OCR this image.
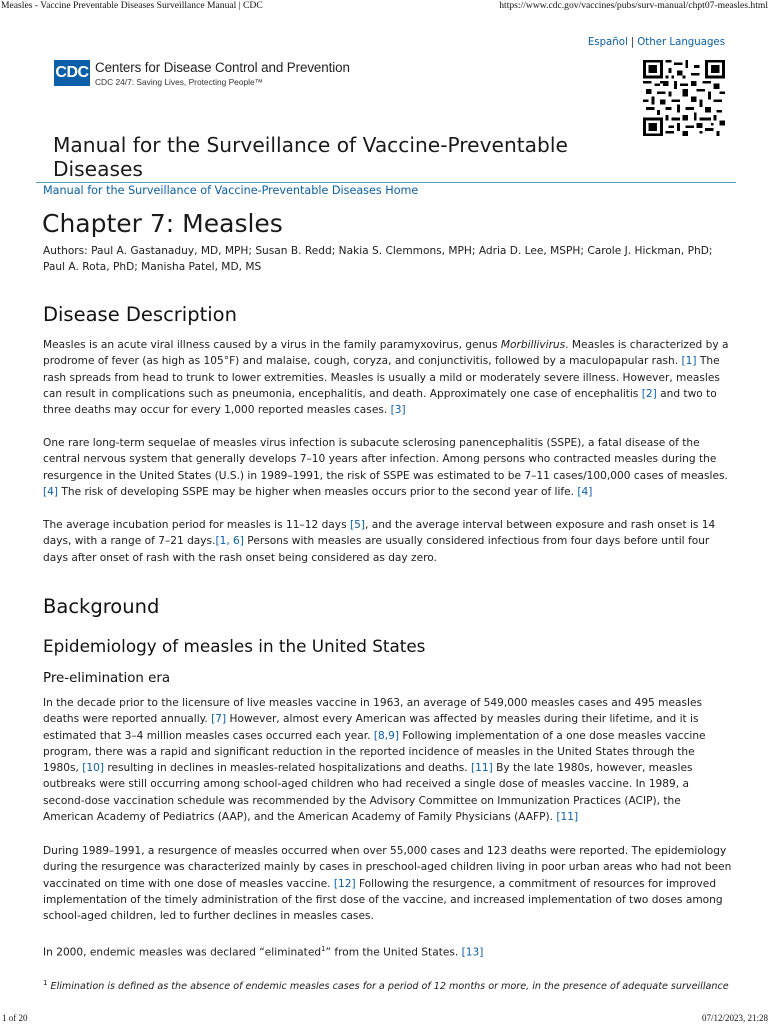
Measles - Vaccine Preventable Diseases Surveillance Manual | CDC	https://www.cdc.gov/vaccines/pubs/surv-manual/chpt07-measles.html
Español | Other Languages
CDC Centers for Disease Control and Prevention
CDC 24/7: Saving Lives, Protecting People™
Manual for the Surveillance of Vaccine-Preventable Diseases
Manual for the Surveillance of Vaccine-Preventable Diseases Home
Chapter 7: Measles
Authors: Paul A. Gastanaduy, MD, MPH; Susan B. Redd; Nakia S. Clemmons, MPH; Adria D. Lee, MSPH; Carole J. Hickman, PhD; Paul A. Rota, PhD; Manisha Patel, MD, MS
Disease Description

Measles is an acute viral illness caused by a virus in the family paramyxovirus, genus Morbillivirus. Measles is characterized by a prodrome of fever (as high as 105°F) and malaise, cough, coryza, and conjunctivitis, followed by a maculopapular rash. [1] The rash spreads from head to trunk to lower extremities. Measles is usually a mild or moderately severe illness. However, measles can result in complications such as pneumonia, encephalitis, and death. Approximately one case of encephalitis [2] and two to three deaths may occur for every 1,000 reported measles cases. [3]

One rare long-term sequelae of measles virus infection is subacute sclerosing panencephalitis (SSPE), a fatal disease of the central nervous system that generally develops 7–10 years after infection. Among persons who contracted measles during the resurgence in the United States (U.S.) in 1989–1991, the risk of SSPE was estimated to be 7–11 cases/100,000 cases of measles. [4] The risk of developing SSPE may be higher when measles occurs prior to the second year of life. [4]

The average incubation period for measles is 11–12 days [5], and the average interval between exposure and rash onset is 14 days, with a range of 7–21 days.[1, 6] Persons with measles are usually considered infectious from four days before until four days after onset of rash with the rash onset being considered as day zero.

Background
Epidemiology of measles in the United States
Pre-elimination era

In the decade prior to the licensure of live measles vaccine in 1963, an average of 549,000 measles cases and 495 measles deaths were reported annually. [7] However, almost every American was affected by measles during their lifetime, and it is estimated that 3–4 million measles cases occurred each year. [8,9] Following implementation of a one dose measles vaccine program, there was a rapid and significant reduction in the reported incidence of measles in the United States through the 1980s, [10] resulting in declines in measles-related hospitalizations and deaths. [11] By the late 1980s, however, measles outbreaks were still occurring among school-aged children who had received a single dose of measles vaccine. In 1989, a second-dose vaccination schedule was recommended by the Advisory Committee on Immunization Practices (ACIP), the American Academy of Pediatrics (AAP), and the American Academy of Family Physicians (AAFP). [11]

During 1989–1991, a resurgence of measles occurred when over 55,000 cases and 123 deaths were reported. The epidemiology during the resurgence was characterized mainly by cases in preschool-aged children living in poor urban areas who had not been vaccinated on time with one dose of measles vaccine. [12] Following the resurgence, a commitment of resources for improved implementation of the timely administration of the first dose of the vaccine, and increased implementation of two doses among school-aged children, led to further declines in measles cases.

In 2000, endemic measles was declared “eliminated$^1$” from the United States. [13]

$^1$ Elimination is defined as the absence of endemic measles cases for a period of 12 months or more, in the presence of adequate surveillance

1 of 20	07/12/2023, 21:28
